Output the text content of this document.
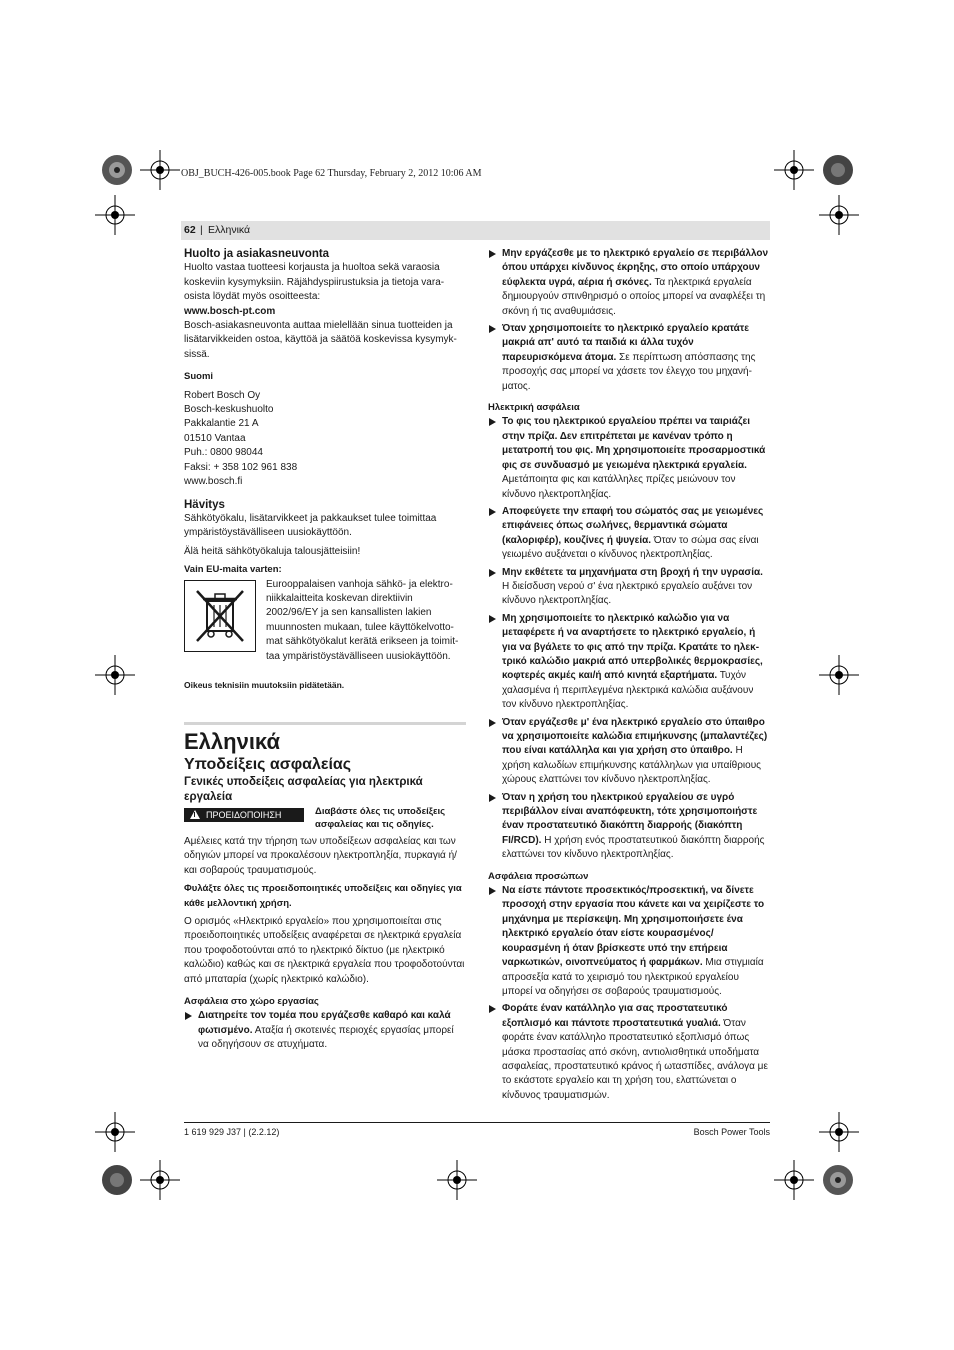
OBJ_BUCH-426-005.book Page 62 Thursday, February 2, 2012 10:06 AM
62 | Ελληνικά

Huolto ja asiakasneuvonta

Huolto vastaa tuotteesi korjausta ja huoltoa sekä varaosia koskeviin kysymyksiin. Räjähdyspiirustuksia ja tietoja vara-osista löydät myös osoitteesta:

www.bosch-pt.com

Bosch-asiakasneuvonta auttaa mielellään sinua tuotteiden ja lisätarvikkeiden ostoa, käyttöä ja säätöä koskevissa kysymyk-sissä.

Suomi

Robert Bosch Oy

Bosch-keskushuolto

Pakkalantie 21 A

01510 Vantaa

Puh.: 0800 98044

Faksi: + 358 102 961 838

www.bosch.fi

Hävitys

Sähkötyökalu, lisätarvikkeet ja pakkaukset tulee toimittaa ympäristöystävälliseen uusiokäyttöön.

Älä heitä sähkötyökaluja talousjätteisiin!

Vain EU-maita varten:

Eurooppalaisen vanhoja sähkö- ja elektro-niikkalaitteita koskevan direktiivin 2002/96/EY ja sen kansallisten lakien muunnosten mukaan, tulee käyttökelvotto-mat sähkötyökalut kerätä erikseen ja toimit-taa ympäristöystävälliseen uusiokäyttöön.

Oikeus teknisiin muutoksiin pidätetään.

Ελληνικά

Υποδείξεις ασφαλείας

Γενικές υποδείξεις ασφαλείας για ηλεκτρικά εργαλεία

ΠΡΟΕΙΔΟΠΟΙΗΣΗ	Διαβάστε όλες τις υποδείξεις ασφαλείας και τις οδηγίες.

Αμέλειες κατά την τήρηση των υποδείξεων ασφαλείας και των οδηγιών μπορεί να προκαλέσουν ηλεκτροπληξία, πυρκαγιά ή/και σοβαρούς τραυματισμούς.

Φυλάξτε όλες τις προειδοποιητικές υποδείξεις και οδηγίες για κάθε μελλοντική χρήση.

Ο ορισμός «Ηλεκτρικό εργαλείο» που χρησιμοποιείται στις προειδοποιητικές υποδείξεις αναφέρεται σε ηλεκτρικά εργαλεία που τροφοδοτούνται από το ηλεκτρικό δίκτυο (με ηλεκτρικό καλώδιο) καθώς και σε ηλεκτρικά εργαλεία που τροφοδοτούνται από μπαταρία (χωρίς ηλεκτρικό καλώδιο).

Ασφάλεια στο χώρο εργασίας

Διατηρείτε τον τομέα που εργάζεσθε καθαρό και καλά φωτισμένο. Αταξία ή σκοτεινές περιοχές εργασίας μπορεί να οδηγήσουν σε ατυχήματα.
Μην εργάζεσθε με το ηλεκτρικό εργαλείο σε περιβάλλον όπου υπάρχει κίνδυνος έκρηξης, στο οποίο υπάρχουν εύφλεκτα υγρά, αέρια ή σκόνες. Τα ηλεκτρικά εργαλεία δημιουργούν σπινθηρισμό ο οποίος μπορεί να αναφλέξει τη σκόνη ή τις αναθυμιάσεις.
Όταν χρησιμοποιείτε το ηλεκτρικό εργαλείο κρατάτε μακριά απ' αυτό τα παιδιά κι άλλα τυχόν παρευρισκόμενα άτομα. Σε περίπτωση απόσπασης της προσοχής σας μπορεί να χάσετε τον έλεγχο του μηχανή-ματος.

Ηλεκτρική ασφάλεια

Το φις του ηλεκτρικού εργαλείου πρέπει να ταιριάζει στην πρίζα. Δεν επιτρέπεται με κανέναν τρόπο η μετατροπή του φις. Μη χρησιμοποιείτε προσαρμοστικά φις σε συνδυασμό με γειωμένα ηλεκτρικά εργαλεία. Αμετάποιητα φις και κατάλληλες πρίζες μειώνουν τον κίνδυνο ηλεκτροπληξίας.
Αποφεύγετε την επαφή του σώματός σας με γειωμένες επιφάνειες όπως σωλήνες, θερμαντικά σώματα (καλοριφέρ), κουζίνες ή ψυγεία. Όταν το σώμα σας είναι γειωμένο αυξάνεται ο κίνδυνος ηλεκτροπληξίας.
Μην εκθέτετε τα μηχανήματα στη βροχή ή την υγρασία. Η διείσδυση νερού σ' ένα ηλεκτρικό εργαλείο αυξάνει τον κίνδυνο ηλεκτροπληξίας.
Μη χρησιμοποιείτε το ηλεκτρικό καλώδιο για να μεταφέρετε ή να αναρτήσετε το ηλεκτρικό εργαλείο, ή για να βγάλετε το φις από την πρίζα. Κρατάτε το ηλεκ-τρικό καλώδιο μακριά από υπερβολικές θερμοκρασίες, κοφτερές ακμές και/ή από κινητά εξαρτήματα. Τυχόν χαλασμένα ή περιπλεγμένα ηλεκτρικά καλώδια αυξάνουν τον κίνδυνο ηλεκτροπληξίας.
Όταν εργάζεσθε μ' ένα ηλεκτρικό εργαλείο στο ύπαιθρο να χρησιμοποιείτε καλώδια επιμήκυνσης (μπαλαντέζες) που είναι κατάλληλα και για χρήση στο ύπαιθρο. Η χρήση καλωδίων επιμήκυνσης κατάλληλων για υπαίθριους χώρους ελαττώνει τον κίνδυνο ηλεκτροπληξίας.
Όταν η χρήση του ηλεκτρικού εργαλείου σε υγρό περιβάλλον είναι αναπόφευκτη, τότε χρησιμοποιήστε έναν προστατευτικό διακόπτη διαρροής (διακόπτη FI/RCD). Η χρήση ενός προστατευτικού διακόπτη διαρροής ελαττώνει τον κίνδυνο ηλεκτροπληξίας.

Ασφάλεια προσώπων

Να είστε πάντοτε προσεκτικός/προσεκτική, να δίνετε προσοχή στην εργασία που κάνετε και να χειρίζεστε το μηχάνημα με περίσκεψη. Μη χρησιμοποιήσετε ένα ηλεκτρικό εργαλείο όταν είστε κουρασμένος/κουρασμένη ή όταν βρίσκεστε υπό την επήρεια ναρκωτικών, οινοπνεύματος ή φαρμάκων. Μια στιγμιαία απροσεξία κατά το χειρισμό του ηλεκτρικού εργαλείου μπορεί να οδηγήσει σε σοβαρούς τραυματισμούς.
Φοράτε έναν κατάλληλο για σας προστατευτικό εξοπλισμό και πάντοτε προστατευτικά γυαλιά. Όταν φοράτε έναν κατάλληλο προστατευτικό εξοπλισμό όπως μάσκα προστασίας από σκόνη, αντιολισθητικά υποδήματα ασφαλείας, προστατευτικό κράνος ή ωτασπίδες, ανάλογα με το εκάστοτε εργαλείο και τη χρήση του, ελαττώνεται ο κίνδυνος τραυματισμών.
1 619 929 J37 | (2.2.12)	Bosch Power Tools
